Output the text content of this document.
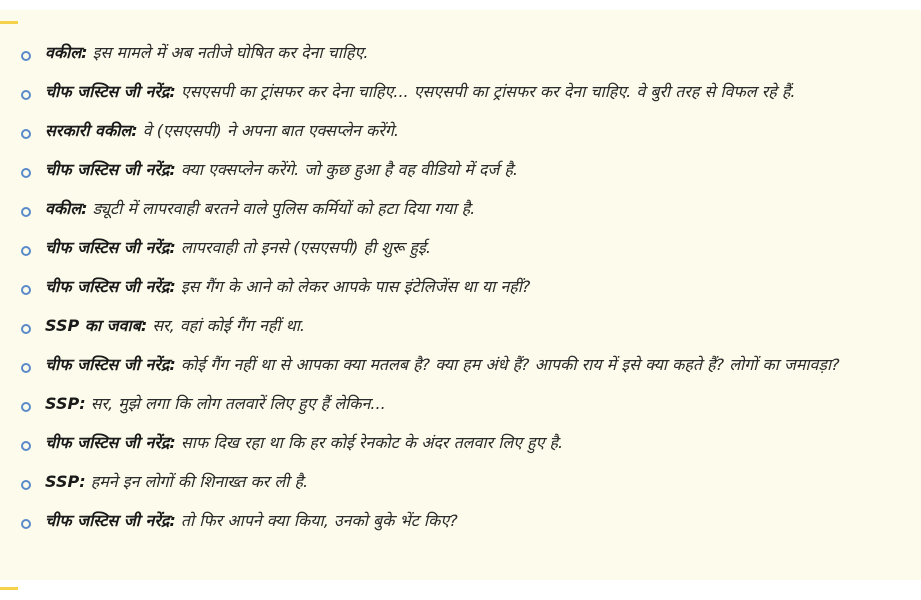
वकील: इस मामले में अब नतीजे घोषित कर देना चाहिए.
चीफ जस्टिस जी नरेंद्र: एसएसपी का ट्रांसफर कर देना चाहिए... एसएसपी का ट्रांसफर कर देना चाहिए. वे बुरी तरह से विफल रहे हैं.
सरकारी वकील: वे (एसएसपी) ने अपना बात एक्सप्लेन करेंगे.
चीफ जस्टिस जी नरेंद्र: क्या एक्सप्लेन करेंगे. जो कुछ हुआ है वह वीडियो में दर्ज है.
वकील: ड्यूटी में लापरवाही बरतने वाले पुलिस कर्मियों को हटा दिया गया है.
चीफ जस्टिस जी नरेंद्र: लापरवाही तो इनसे (एसएसपी) ही शुरू हुई.
चीफ जस्टिस जी नरेंद्र: इस गैंग के आने को लेकर आपके पास इंटेलिजेंस था या नहीं?
SSP का जवाब: सर, वहां कोई गैंग नहीं था.
चीफ जस्टिस जी नरेंद्र: कोई गैंग नहीं था से आपका क्या मतलब है? क्या हम अंधे हैं? आपकी राय में इसे क्या कहते हैं? लोगों का जमावड़ा?
SSP: सर, मुझे लगा कि लोग तलवारें लिए हुए हैं लेकिन...
चीफ जस्टिस जी नरेंद्र: साफ दिख रहा था कि हर कोई रेनकोट के अंदर तलवार लिए हुए है.
SSP: हमने इन लोगों की शिनाख्त कर ली है.
चीफ जस्टिस जी नरेंद्र: तो फिर आपने क्या किया, उनको बुके भेंट किए?
